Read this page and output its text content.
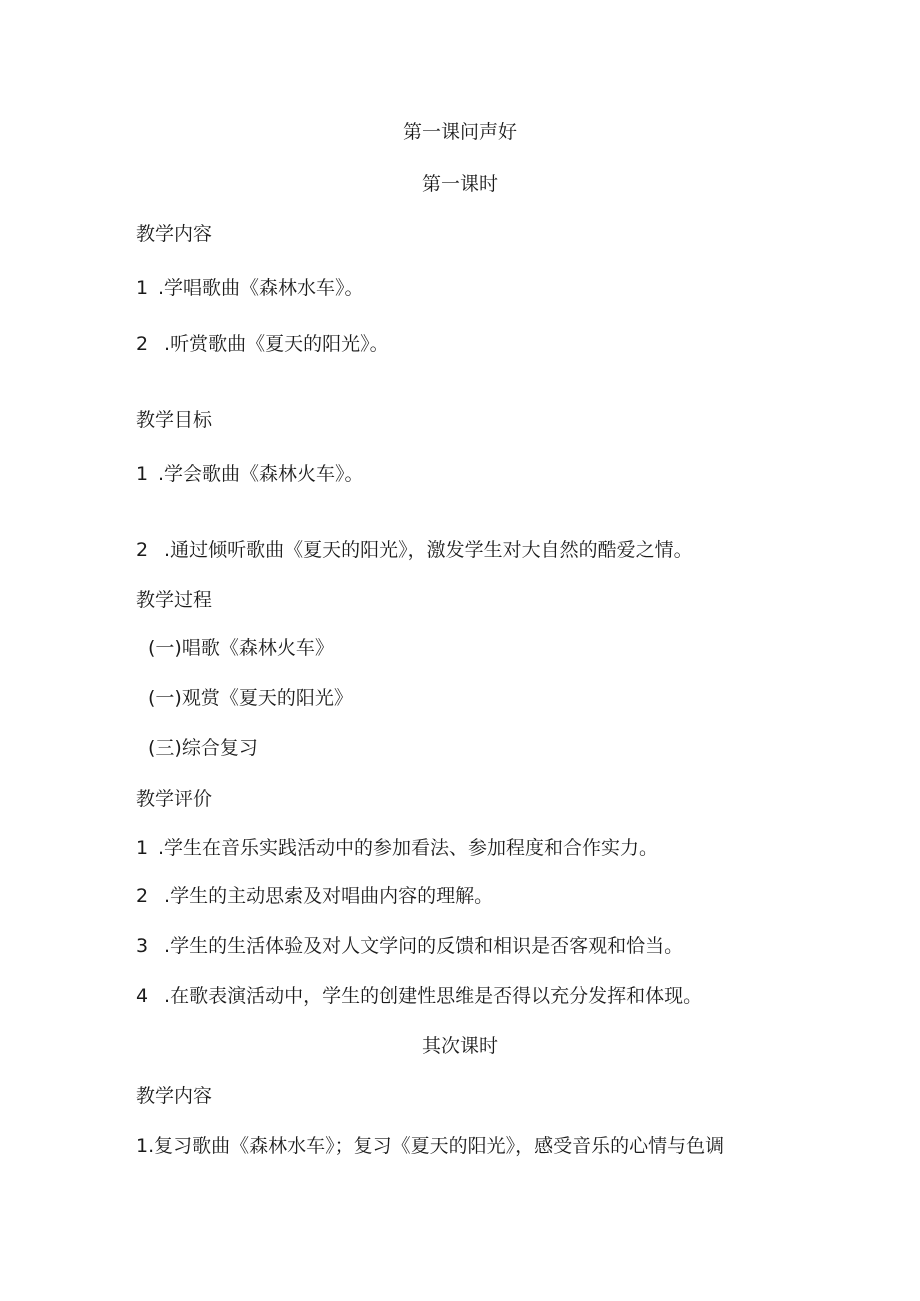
第一课问声好
第一课时
教学内容
1 .学唱歌曲《森林水车》。
2 .听赏歌曲《夏天的阳光》。
教学目标
1 .学会歌曲《森林火车》。
2 .通过倾听歌曲《夏天的阳光》，激发学生对大自然的酷爱之情。
教学过程
(一)唱歌《森林火车》
(一)观赏《夏天的阳光》
(三)综合复习
教学评价
1 .学生在音乐实践活动中的参加看法、参加程度和合作实力。
2 .学生的主动思索及对唱曲内容的理解。
3 .学生的生活体验及对人文学问的反馈和相识是否客观和恰当。
4 .在歌表演活动中，学生的创建性思维是否得以充分发挥和体现。
其次课时
教学内容
1.复习歌曲《森林水车》；复习《夏天的阳光》，感受音乐的心情与色调
